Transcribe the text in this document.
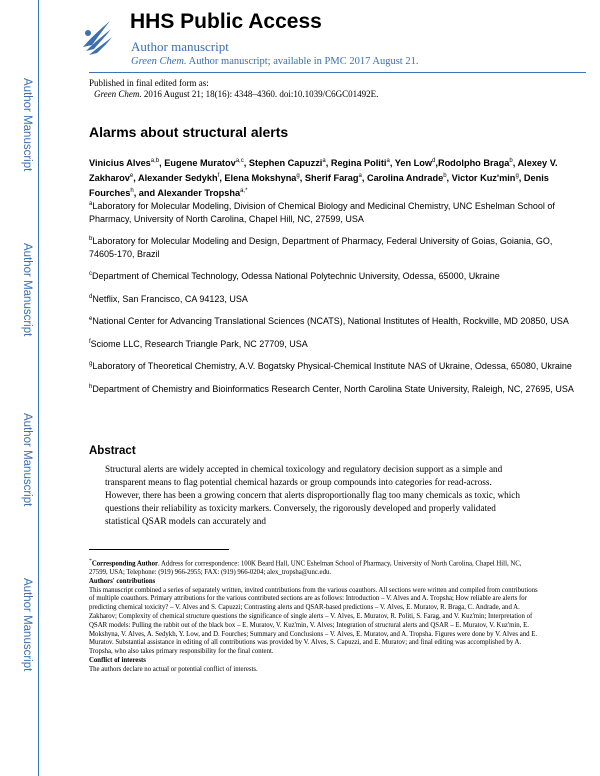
Author Manuscript
Author Manuscript
Author Manuscript
Author Manuscript
HHS Public Access
Author manuscript
Green Chem. Author manuscript; available in PMC 2017 August 21.
Published in final edited form as:
Green Chem. 2016 August 21; 18(16): 4348–4360. doi:10.1039/C6GC01492E.
Alarms about structural alerts
Vinicius Alves$^{a,b}$, Eugene Muratov$^{a,c}$, Stephen Capuzzi$^a$, Regina Politi$^a$, Yen Low$^d$,Rodolpho Braga$^b$, Alexey V. Zakharov$^e$, Alexander Sedykh$^f$, Elena Mokshyna$^g$, Sherif Farag$^a$, Carolina Andrade$^b$, Victor $Kuz'\min^g$, Denis Fourches$^h$, and Alexander Tropsha$^{a,*}$

$^a$Laboratory for Molecular Modeling, Division of Chemical Biology and Medicinal Chemistry, UNC Eshelman School of Pharmacy, University of North Carolina, Chapel Hill, NC, 27599, USA

$^b$Laboratory for Molecular Modeling and Design, Department of Pharmacy, Federal University of Goias, Goiania, GO, 74605-170, Brazil

$^c$Department of Chemical Technology, Odessa National Polytechnic University, Odessa, 65000, Ukraine

$^d$Netflix, San Francisco, CA 94123, USA

$^e$National Center for Advancing Translational Sciences (NCATS), National Institutes of Health, Rockville, MD 20850, USA

$^f$Sciome LLC, Research Triangle Park, NC 27709, USA

$^g$Laboratory of Theoretical Chemistry, A.V. Bogatsky Physical-Chemical Institute NAS of Ukraine, Odessa, 65080, Ukraine

$^h$Department of Chemistry and Bioinformatics Research Center, North Carolina State University, Raleigh, NC, 27695, USA

Abstract
Structural alerts are widely accepted in chemical toxicology and regulatory decision support as a simple and transparent means to flag potential chemical hazards or group compounds into categories for read-across. However, there has been a growing concern that alerts disproportionally flag too many chemicals as toxic, which questions their reliability as toxicity markers. Conversely, the rigorously developed and properly validated statistical QSAR models can accurately and

*Corresponding Author. Address for correspondence: 100K Beard Hall, UNC Eshelman School of Pharmacy, University of North Carolina, Chapel Hill, NC, 27599, USA; Telephone: (919) 966-2955; FAX: (919) 966-0204; alex_tropsha@unc.edu.

Authors' contributions

This manuscript combined a series of separately written, invited contributions from the various coauthors. All sections were written and compiled from contributions of multiple coauthors. Primary attributions for the various contributed sections are as follows: Introduction – V. Alves and A. Tropsha; How reliable are alerts for predicting chemical toxicity? – V. Alves and S. Capuzzi; Contrasting alerts and QSAR-based predictions – V. Alves, E. Muratov, R. Braga, C. Andrade, and A. Zakharov; Complexity of chemical structure questions the significance of single alerts – V. Alves, E. Muratov, R. Politi, S. Farag, and V. Kuz'min; Interpretation of QSAR models: Pulling the rabbit out of the black box – E. Muratov, V. Kuz'min, V. Alves; Integration of structural alerts and QSAR – E. Muratov, V. Kuz'min, E. Mokshyna, V. Alves, A. Sedykh, Y. Low, and D. Fourches; Summary and Conclusions – V. Alves, E. Muratov, and A. Tropsha. Figures were done by V. Alves and E. Muratov. Substantial assistance in editing of all contributions was provided by V. Alves, S. Capuzzi, and E. Muratov; and final editing was accomplished by A. Tropsha, who also takes primary responsibility for the final content.

Conflict of interests

The authors declare no actual or potential conflict of interests.
